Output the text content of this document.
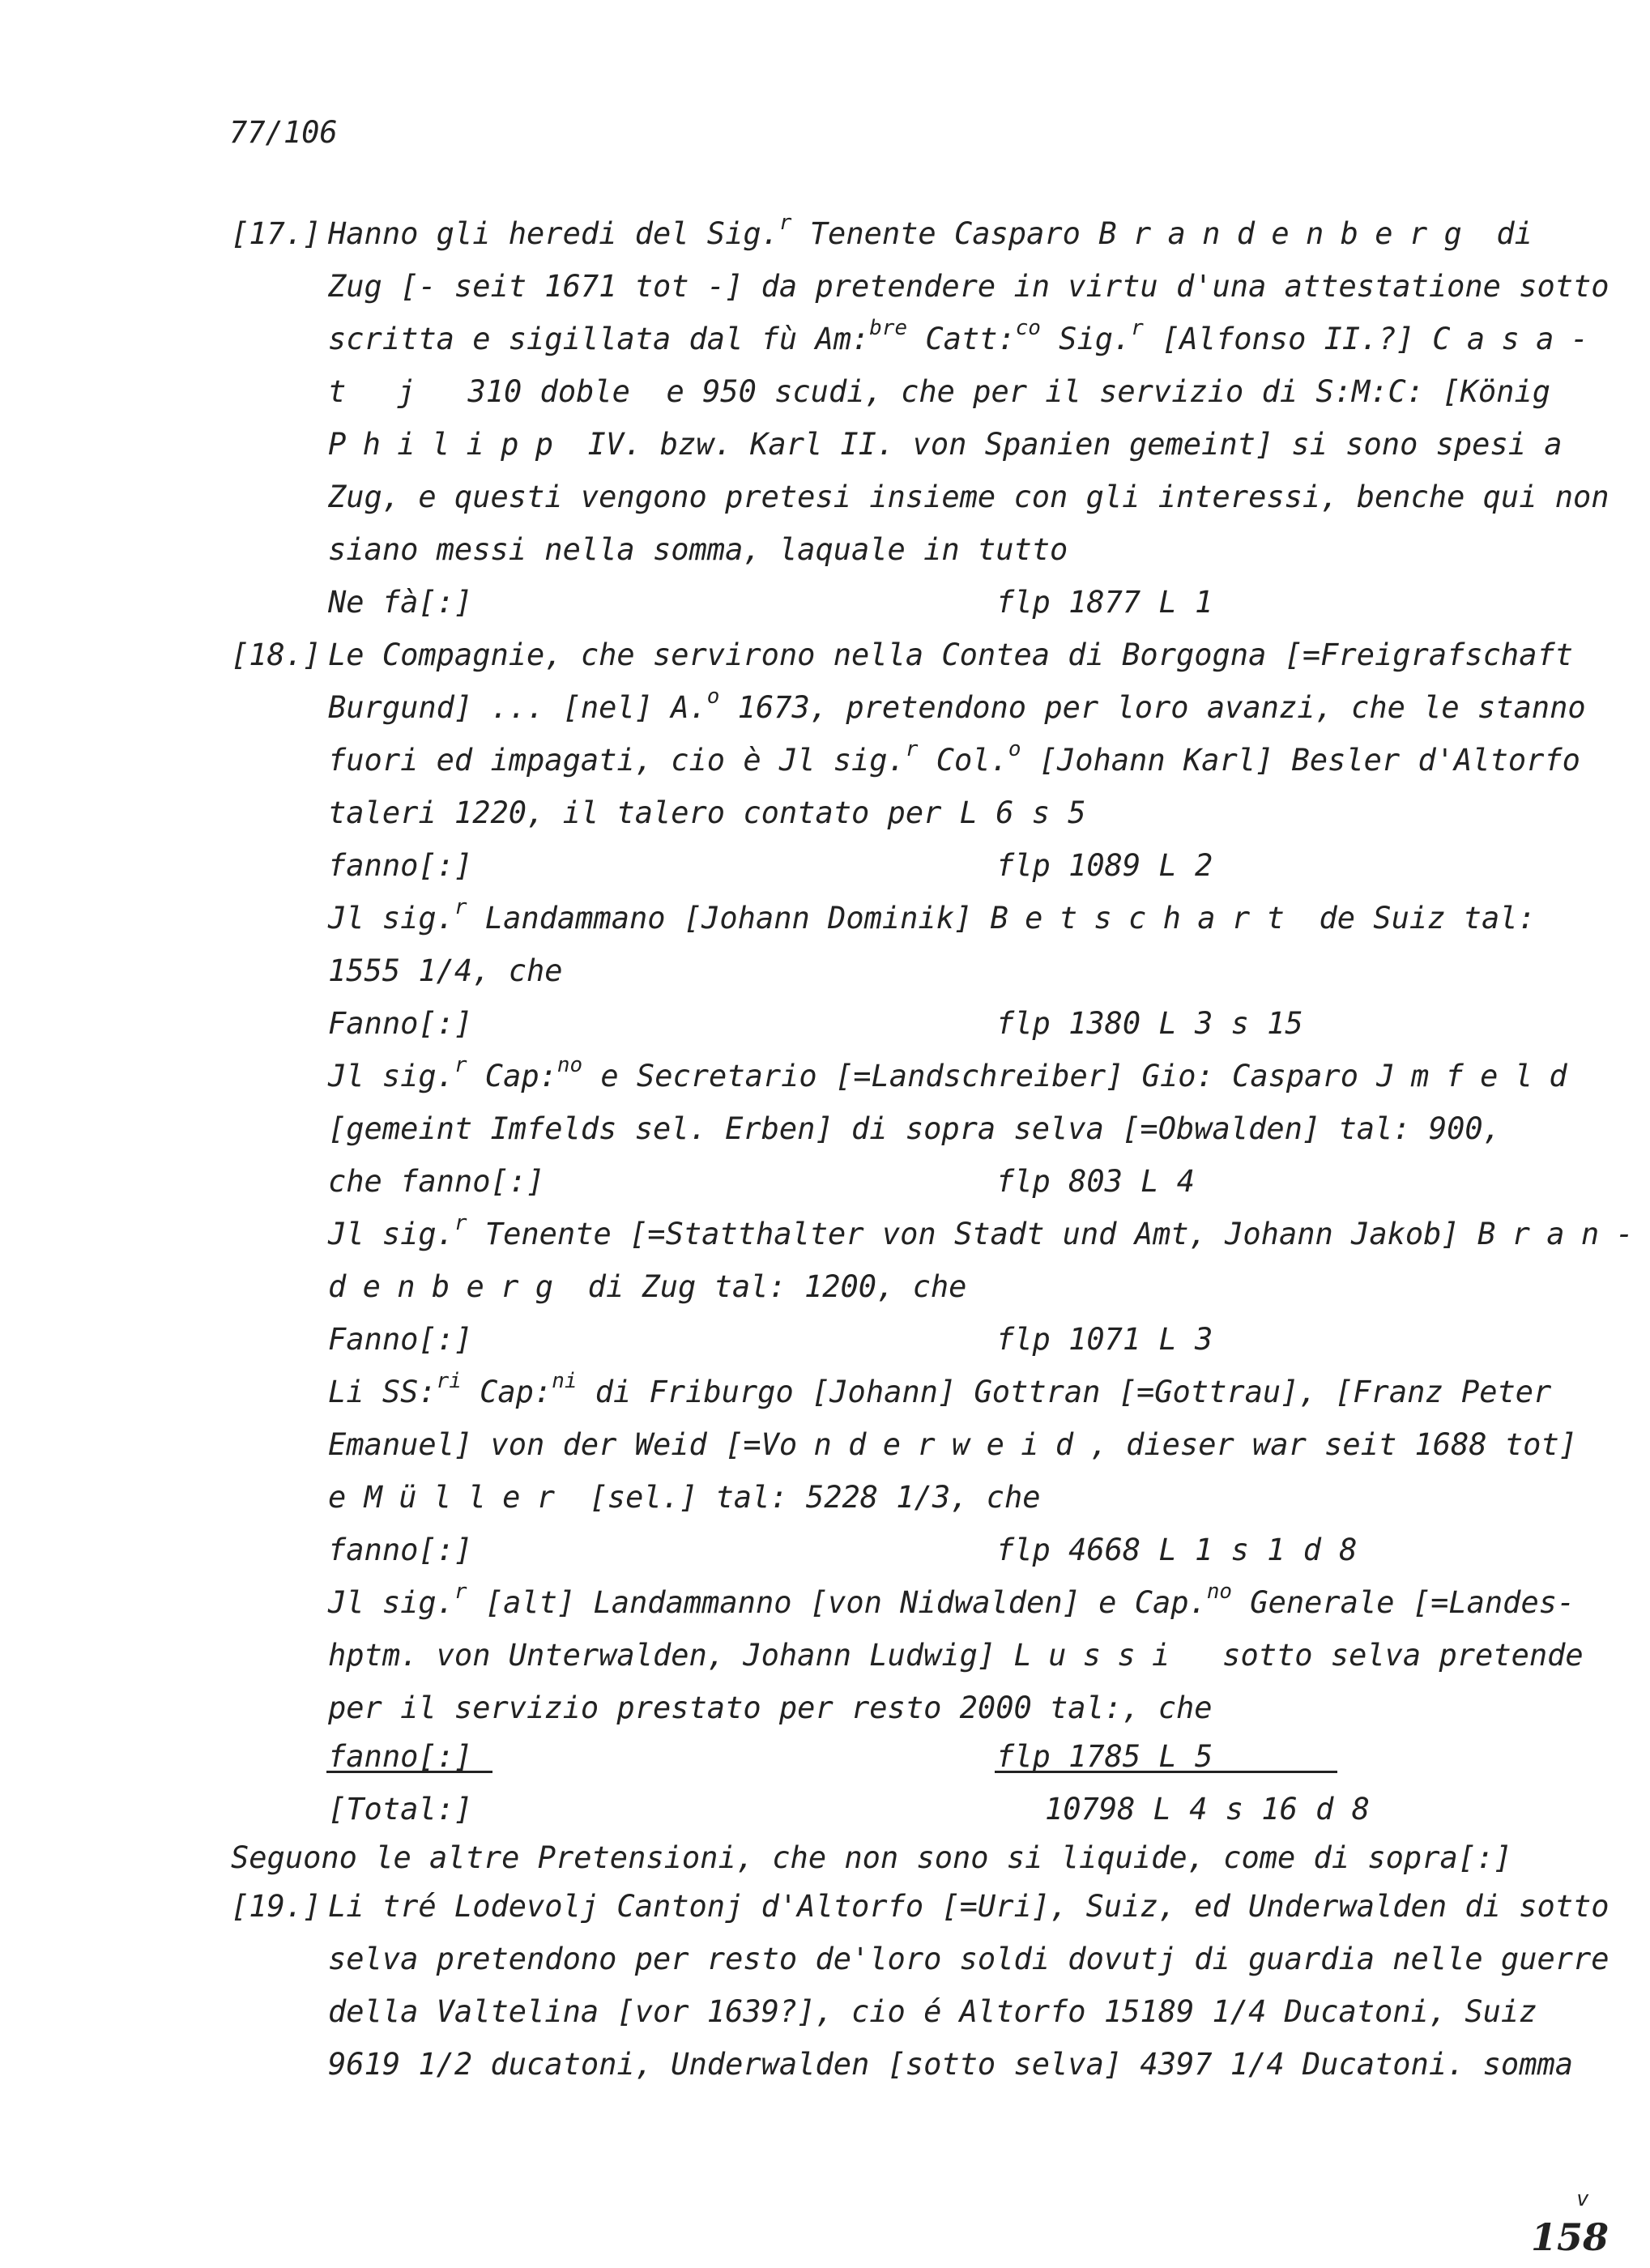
77/106
[17.] Hanno gli heredi del Sig.$^r$ Tenente Casparo Brandenberg di
Zug [- seit 1671 tot -] da pretendere in virtu d'una attestatione sotto
scritta e sigillata dal fù Am:$^{bre}$ Catt:$^{co}$ Sig.$^r$ [Alfonso II.?] Casa-
t j  310 doble  e 950 scudi, che per il servizio di S:M:C: [König
Philipp IV. bzw. Karl II. von Spanien gemeint] si sono spesi a
Zug, e questi vengono pretesi insieme con gli interessi, benche qui non
siano messi nella somma, laquale in tutto
Ne fà[:]	flp 1877 L 1
[18.] Le Compagnie, che servirono nella Contea di Borgogna [=Freigrafschaft
Burgund] ... [nel] A.$^o$ 1673, pretendono per loro avanzi, che le stanno
fuori ed impagati, cio è Jl sig.$^r$ Col.$^o$ [Johann Karl] Besler d'Altorfo
taleri 1220, il talero contato per L 6 s 5
fanno[:]	flp 1089 L 2
Jl sig.$^r$ Landammano [Johann Dominik] Betschart de Suiz tal:
1555 1/4, che
Fanno[:]	flp 1380 L 3 s 15
Jl sig.$^r$ Cap:$^{no}$ e Secretario [=Landschreiber] Gio: Casparo Jmfeld
[gemeint Imfelds sel. Erben] di sopra selva [=Obwalden] tal: 900,
che fanno[:]	flp 803 L 4
Jl sig.$^r$ Tenente [=Statthalter von Stadt und Amt, Johann Jakob] Bran-
denberg di Zug tal: 1200, che
Fanno[:]	flp 1071 L 3
Li SS:$^{ri}$ Cap:$^{ni}$ di Friburgo [Johann] Gottran [=Gottrau], [Franz Peter
Emanuel] von der Weid [=Vonderweid, dieser war seit 1688 tot]
e Müller [sel.] tal: 5228 1/3, che
fanno[:]	flp 4668 L 1 s 1 d 8
Jl sig.$^r$ [alt] Landammanno [von Nidwalden] e Cap.$^{no}$ Generale [=Landes-
hptm. von Unterwalden, Johann Ludwig] Lussi  sotto selva pretende
per il servizio prestato per resto 2000 tal:, che
fanno[:]	flp 1785 L 5
[Total:]	10798 L 4 s 16 d 8
Seguono le altre Pretensioni, che non sono si liquide, come di sopra[:]
[19.] Li tré Lodevolj Cantonj d'Altorfo [=Uri], Suiz, ed Underwalden di sotto
selva pretendono per resto de'loro soldi dovutj di guardia nelle guerre
della Valtelina [vor 1639?], cio é Altorfo 15189 1/4 Ducatoni, Suiz
9619 1/2 ducatoni, Underwalden [sotto selva] 4397 1/4 Ducatoni. somma
v
158
